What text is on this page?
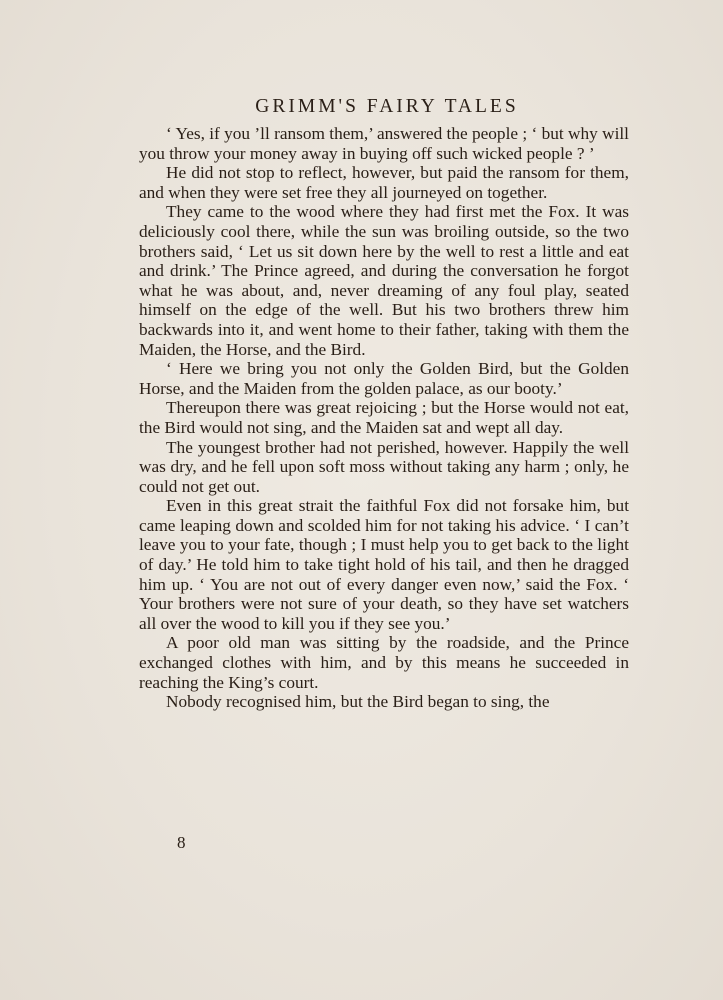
GRIMM'S FAIRY TALES

‘ Yes, if you ’ll ransom them,’ answered the people ; ‘ but why will you throw your money away in buying off such wicked people ? ’

He did not stop to reflect, however, but paid the ransom for them, and when they were set free they all journeyed on together.

They came to the wood where they had first met the Fox. It was deliciously cool there, while the sun was broiling outside, so the two brothers said, ‘ Let us sit down here by the well to rest a little and eat and drink.’ The Prince agreed, and during the conversation he forgot what he was about, and, never dreaming of any foul play, seated himself on the edge of the well. But his two brothers threw him backwards into it, and went home to their father, taking with them the Maiden, the Horse, and the Bird.

‘ Here we bring you not only the Golden Bird, but the Golden Horse, and the Maiden from the golden palace, as our booty.’

Thereupon there was great rejoicing ; but the Horse would not eat, the Bird would not sing, and the Maiden sat and wept all day.

The youngest brother had not perished, however. Happily the well was dry, and he fell upon soft moss without taking any harm ; only, he could not get out.

Even in this great strait the faithful Fox did not forsake him, but came leaping down and scolded him for not taking his advice. ‘ I can’t leave you to your fate, though ; I must help you to get back to the light of day.’ He told him to take tight hold of his tail, and then he dragged him up. ‘ You are not out of every danger even now,’ said the Fox. ‘ Your brothers were not sure of your death, so they have set watchers all over the wood to kill you if they see you.’

A poor old man was sitting by the roadside, and the Prince exchanged clothes with him, and by this means he succeeded in reaching the King’s court.

Nobody recognised him, but the Bird began to sing, the

8
